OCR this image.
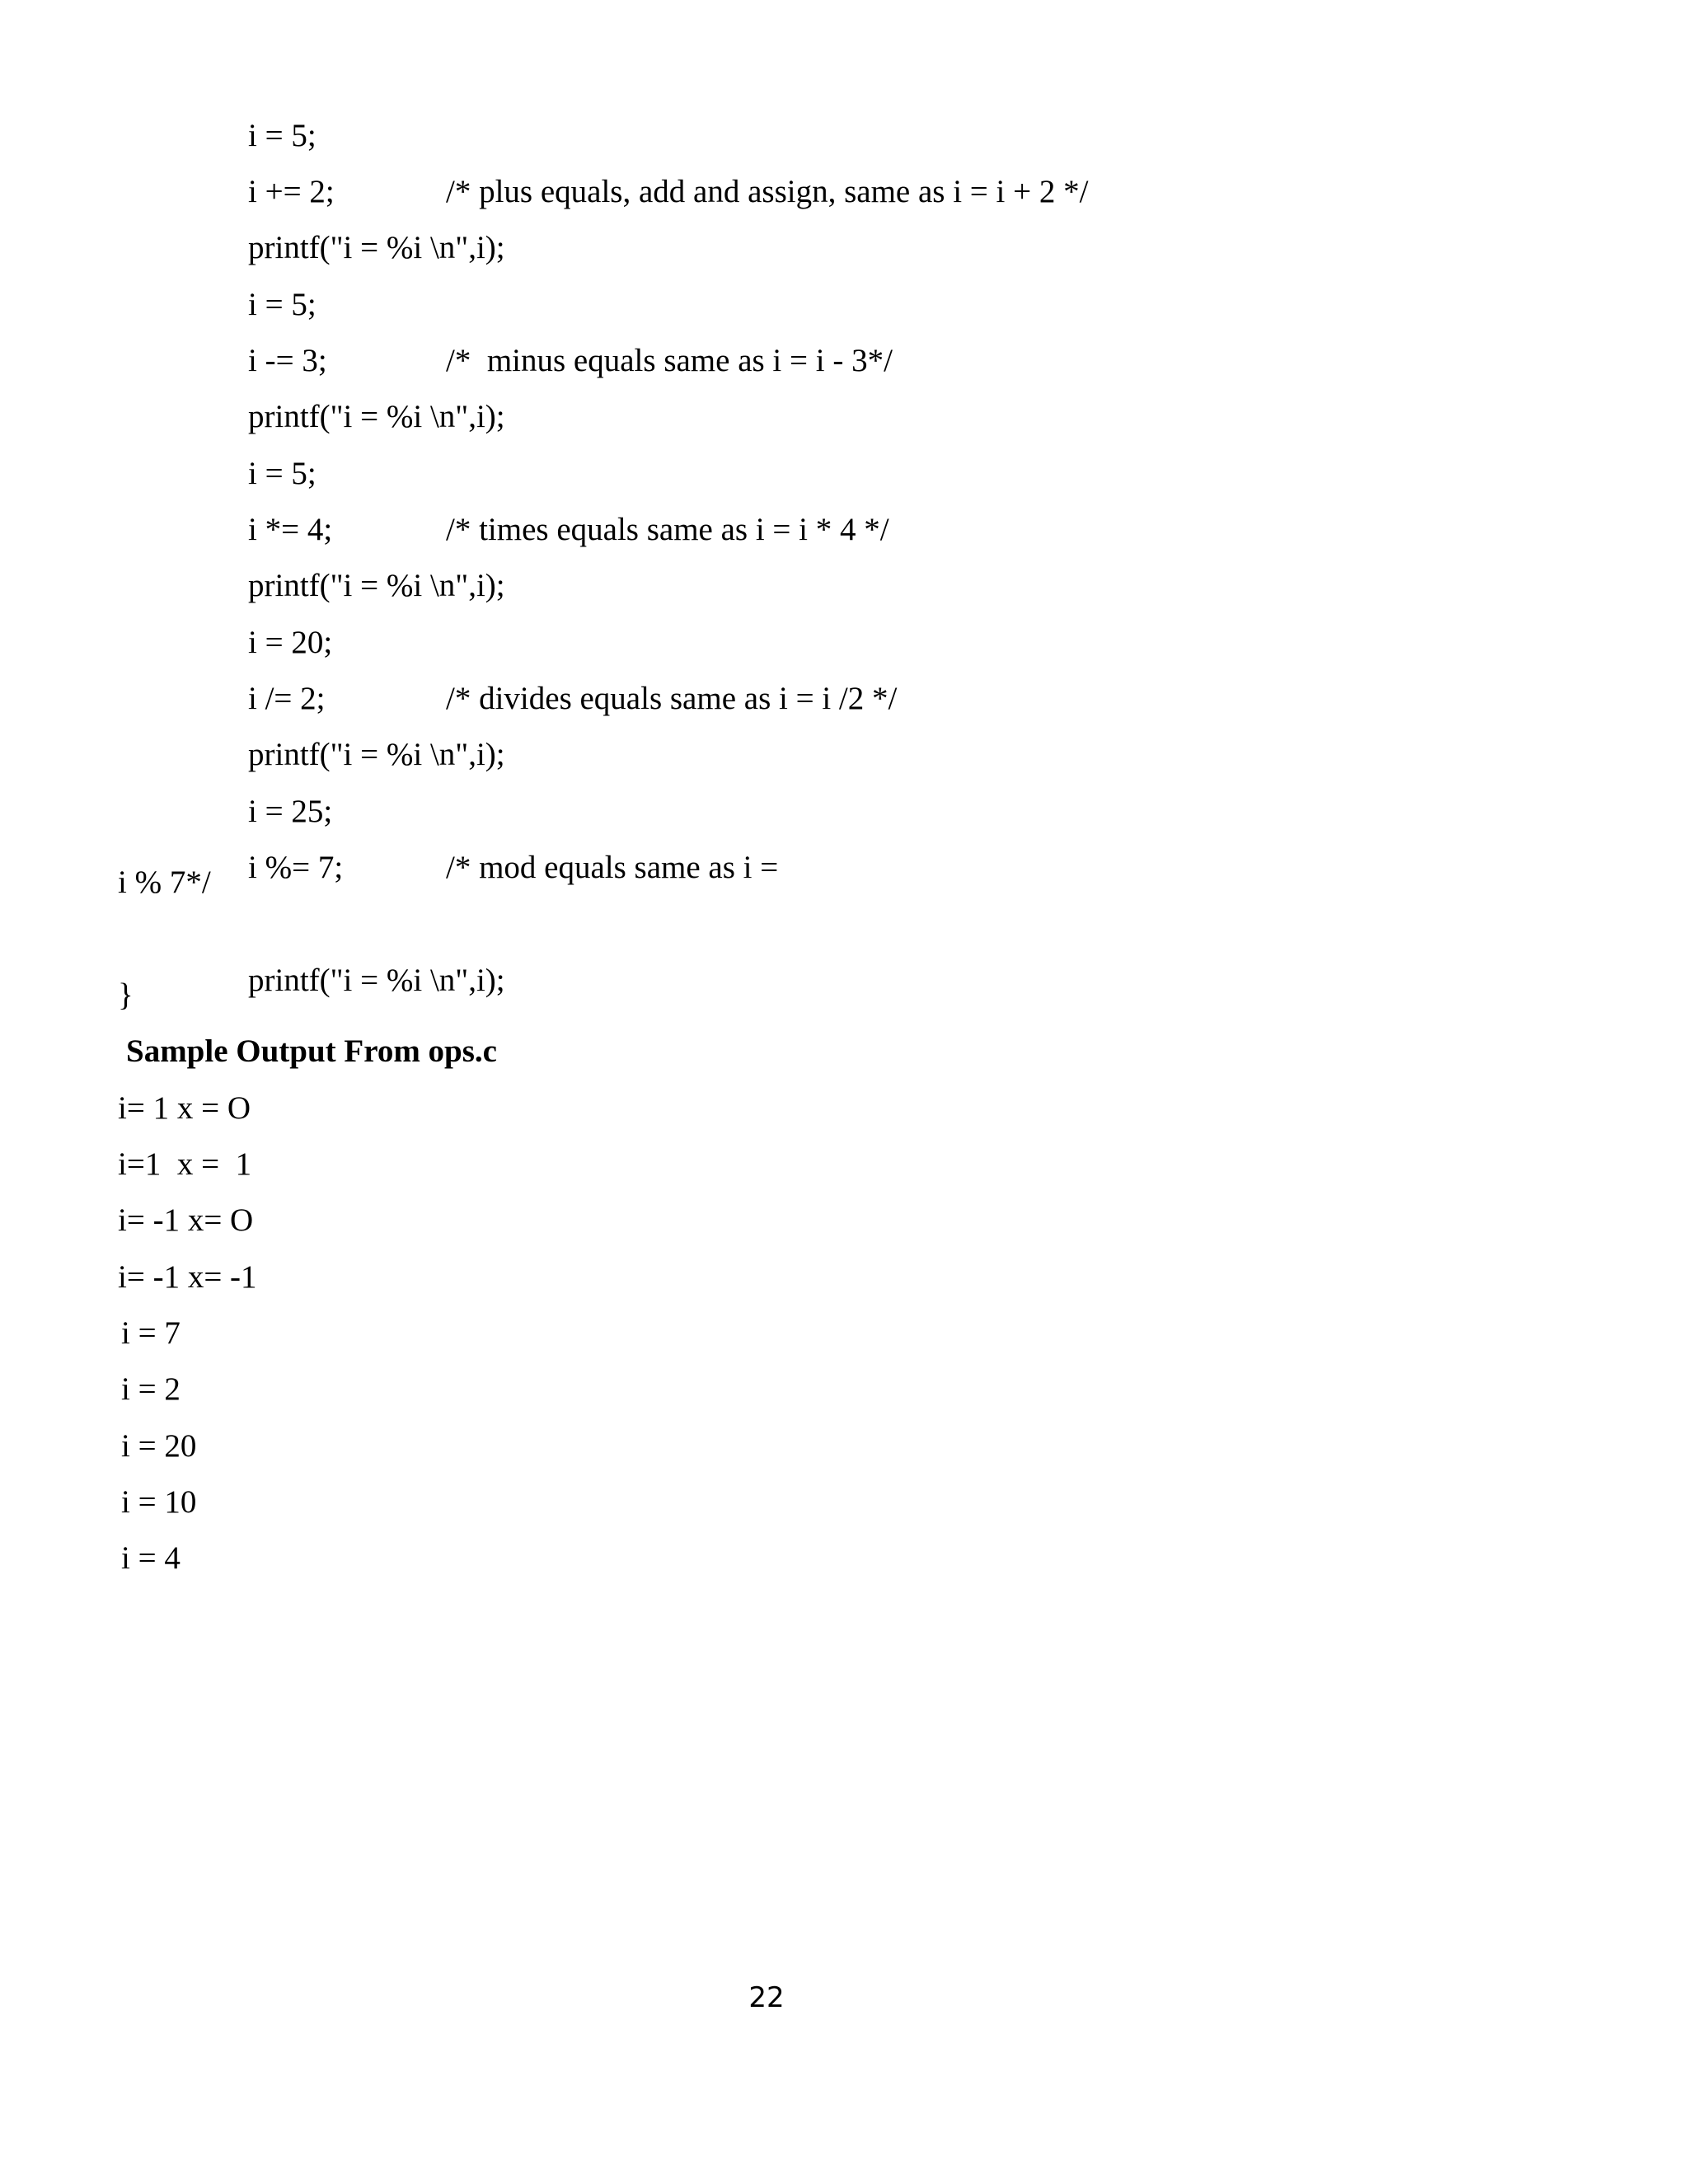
i = 5;

i += 2;	/* plus equals, add and assign, same as i = i + 2 */

printf("i = %i \n",i);

i = 5;

i -= 3;	/*  minus equals same as i = i - 3*/

printf("i = %i \n",i);

i = 5;

i *= 4;	/* times equals same as i = i * 4 */

printf("i = %i \n",i);

i = 20;

i /= 2;	/* divides equals same as i = i /2 */

printf("i = %i \n",i);

i = 25;

i %= 7;	/* mod equals same as i =

i % 7*/

printf("i = %i \n",i);

}
Sample Output From ops.c
i= 1 x = O
i=1  x =  1
i= -1 x= O
i= -1 x= -1
i = 7
i = 2
i = 20
i = 10
i = 4
22
